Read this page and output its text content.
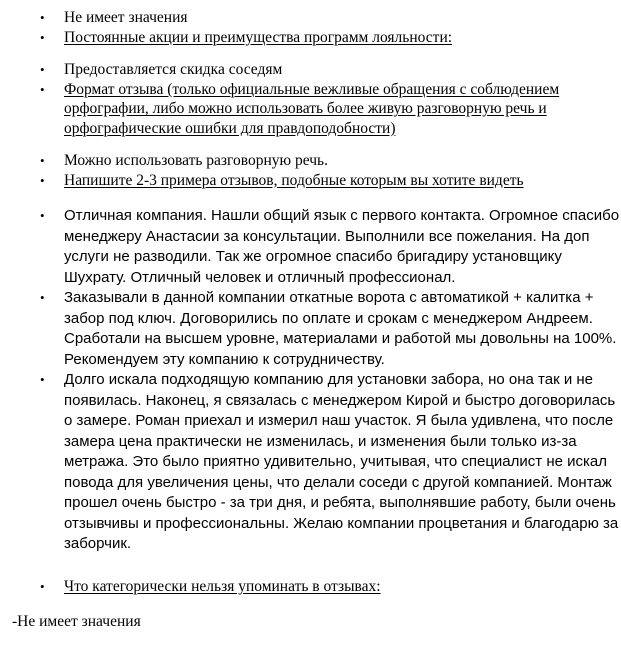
•	Не имеет значения
•	Постоянные акции и преимущества программ лояльности:
•	Предоставляется скидка соседям
•	Формат отзыва (только официальные вежливые обращения с соблюдением орфографии, либо можно использовать более живую разговорную речь и орфографические ошибки для правдоподобности)
•	Можно использовать разговорную речь.
•	Напишите 2-3 примера отзывов, подобные которым вы хотите видеть
•	Отличная компания. Нашли общий язык с первого контакта. Огромное спасибо менеджеру Анастасии за консультации. Выполнили все пожелания. На доп услуги не разводили. Так же огромное спасибо бригадиру установщику Шухрату. Отличный человек и отличный профессионал.
•	Заказывали в данной компании откатные ворота с автоматикой + калитка + забор под ключ. Договорились по оплате и срокам с менеджером Андреем. Сработали на высшем уровне, материалами и работой мы довольны на 100%. Рекомендуем эту компанию к сотрудничеству.
•	Долго искала подходящую компанию для установки забора, но она так и не появилась. Наконец, я связалась с менеджером Кирой и быстро договорилась о замере. Роман приехал и измерил наш участок. Я была удивлена, что после замера цена практически не изменилась, и изменения были только из-за метража. Это было приятно удивительно, учитывая, что специалист не искал повода для увеличения цены, что делали соседи с другой компанией. Монтаж прошел очень быстро - за три дня, и ребята, выполнявшие работу, были очень отзывчивы и профессиональны. Желаю компании процветания и благодарю за заборчик.
•	Что категорически нельзя упоминать в отзывах:
-Не имеет значения
